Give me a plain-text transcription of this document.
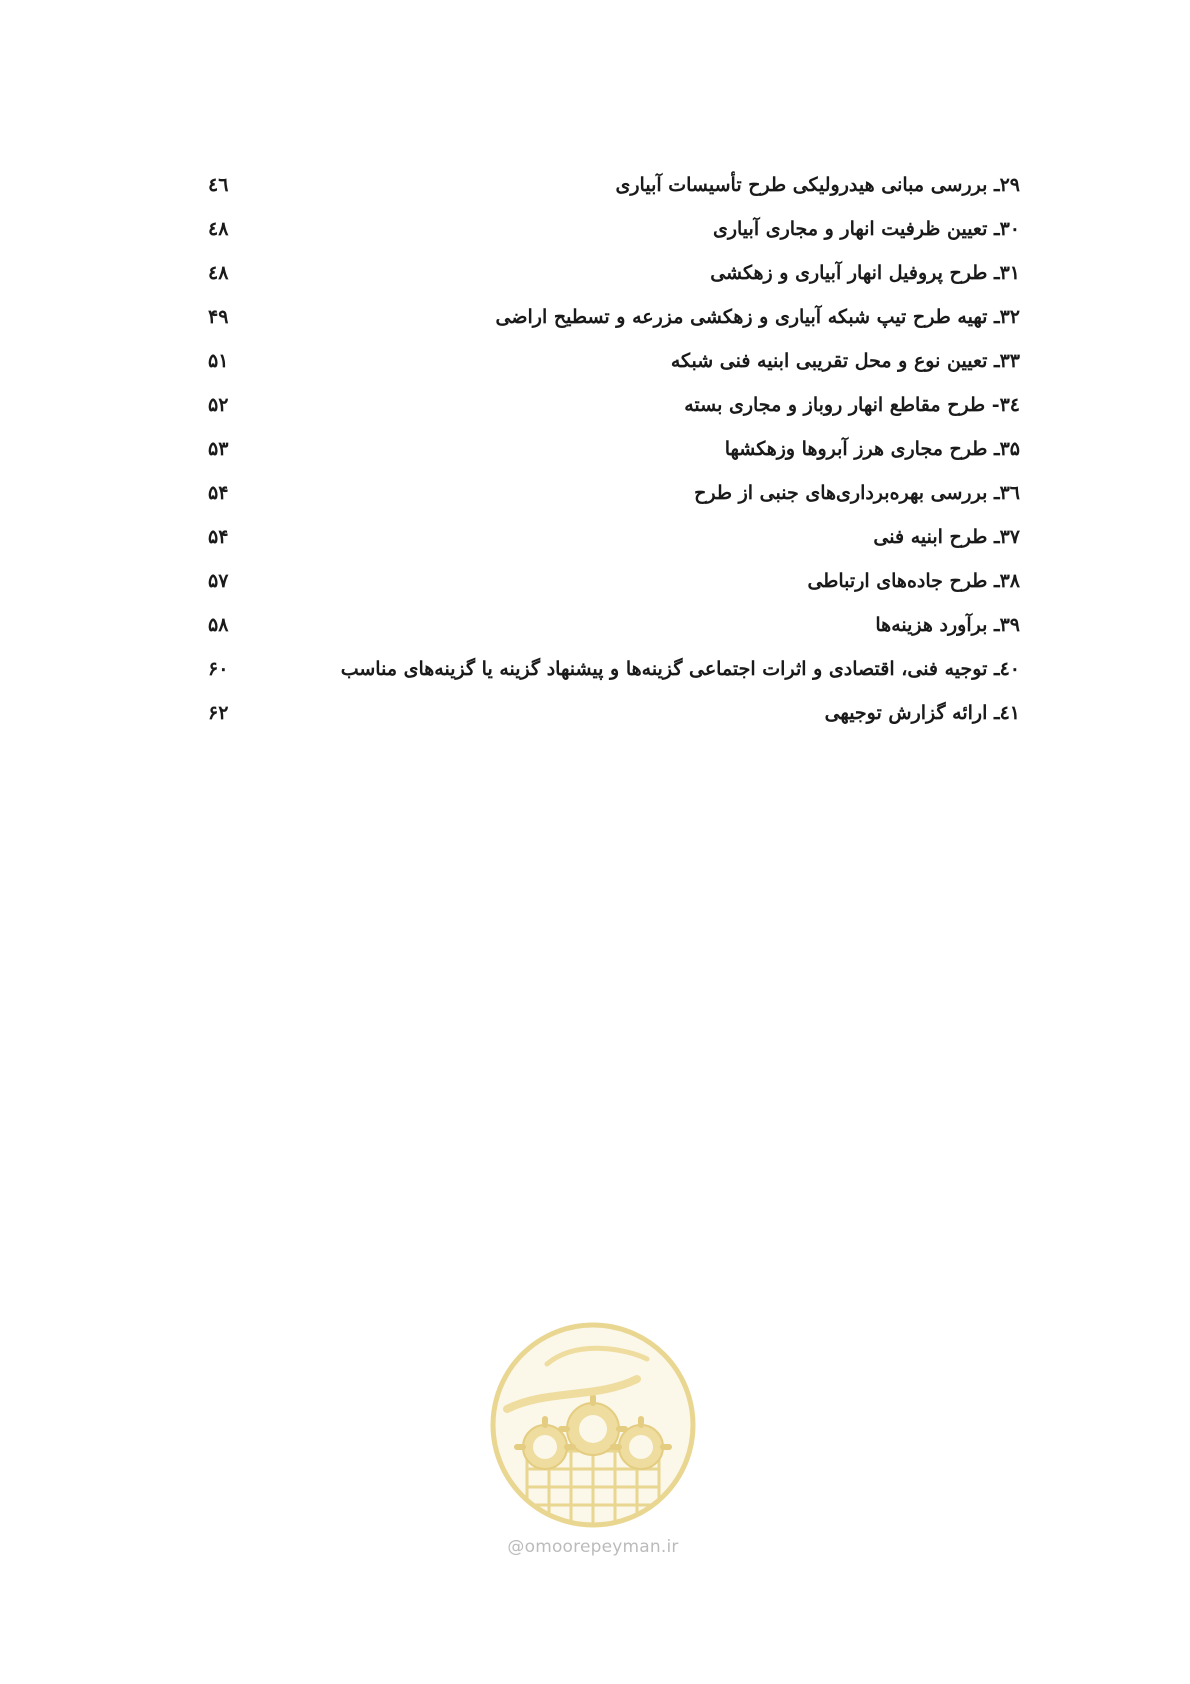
۲۹ـ بررسی مبانی هیدرولیکی طرح تأسیسات آبیاری
٤٦
۳۰ـ تعیین ظرفیت انهار و مجاری آبیاری
٤٨
۳۱ـ طرح پروفیل انهار آبیاری و زهکشی
٤٨
۳۲ـ تهیه طرح تیپ شبکه آبیاری و زهکشی مزرعه و تسطیح اراضی
۴۹
۳۳ـ تعیین نوع و محل تقریبی ابنیه فنی شبکه
۵۱
۳٤- طرح مقاطع انهار روباز و مجاری بسته
۵۲
۳۵ـ طرح مجاری هرز آبروها وزهکشها
۵۳
۳٦ـ بررسی بهره‌برداری‌های جنبی از طرح
۵۴
۳۷ـ طرح ابنیه فنی
۵۴
۳۸ـ طرح جاده‌های ارتباطی
۵۷
۳۹ـ برآورد هزینه‌ها
۵۸
٤٠ـ توجیه فنی، اقتصادی و اثرات اجتماعی گزینه‌ها و پیشنهاد گزینه یا گزینه‌های مناسب
۶۰
٤١ـ ارائه گزارش توجیهی
۶۲
@omoorepeyman.ir
